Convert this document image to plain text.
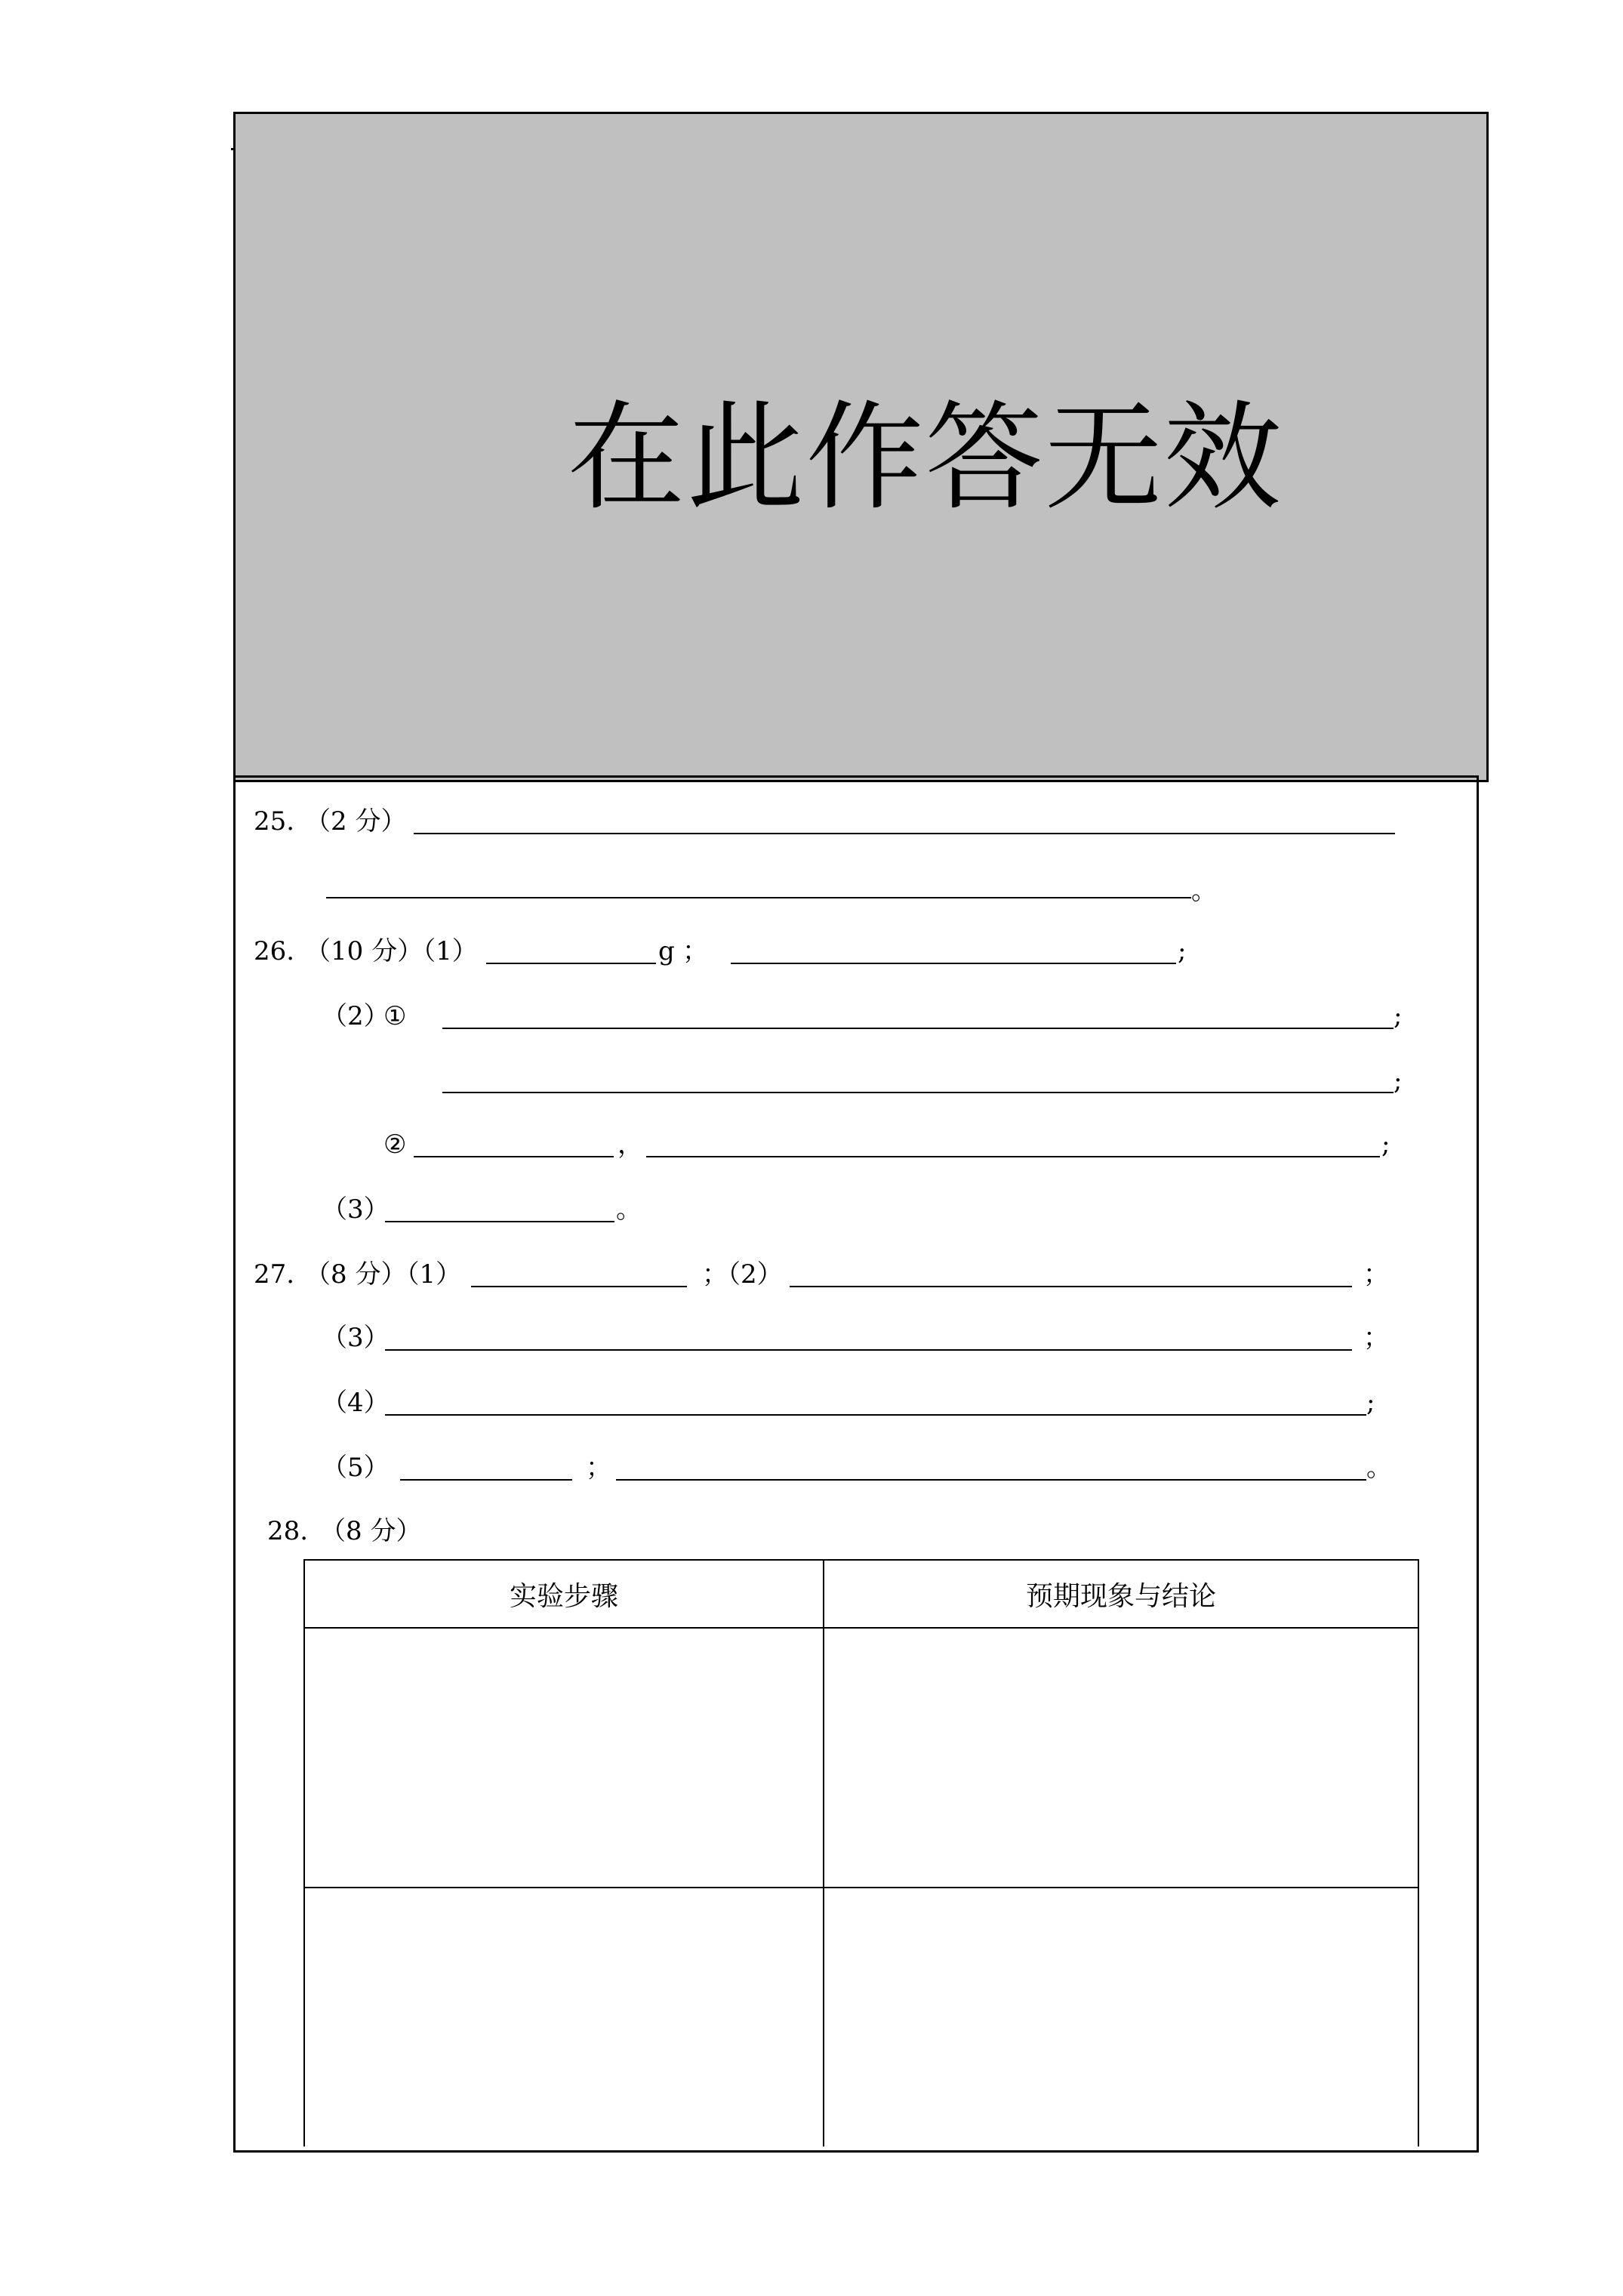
在此作答无效
25. （2 分）
。
26. （10 分）（1）	g ；	;
（2）
①	;
;
②	，	;
（3）	。
27. （8 分）（1）	；（2）	；
（3）	；
（4）	;
（5）	；	。
28. （8 分）
实验步骤	预期现象与结论
